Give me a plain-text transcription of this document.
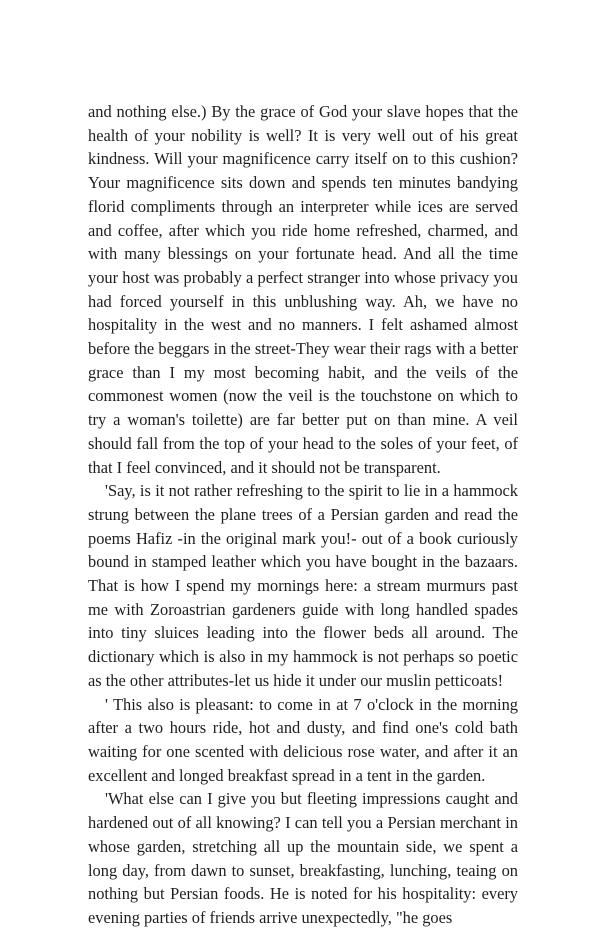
and nothing else.) By the grace of God your slave hopes that the health of your nobility is well? It is very well out of his great kindness. Will your magnificence carry itself on to this cushion? Your magnificence sits down and spends ten minutes bandying florid compliments through an interpreter while ices are served and coffee, after which you ride home refreshed, charmed, and with many blessings on your fortunate head. And all the time your host was probably a perfect stranger into whose privacy you had forced yourself in this unblushing way. Ah, we have no hospitality in the west and no manners. I felt ashamed almost before the beggars in the street-They wear their rags with a better grace than I my most becoming habit, and the veils of the commonest women (now the veil is the touchstone on which to try a woman's toilette) are far better put on than mine. A veil should fall from the top of your head to the soles of your feet, of that I feel convinced, and it should not be transparent.

'Say, is it not rather refreshing to the spirit to lie in a hammock strung between the plane trees of a Persian garden and read the poems Hafiz -in the original mark you!- out of a book curiously bound in stamped leather which you have bought in the bazaars. That is how I spend my mornings here: a stream murmurs past me with Zoroastrian gardeners guide with long handled spades into tiny sluices leading into the flower beds all around. The dictionary which is also in my hammock is not perhaps so poetic as the other attributes-let us hide it under our muslin petticoats!

' This also is pleasant: to come in at 7 o'clock in the morning after a two hours ride, hot and dusty, and find one's cold bath waiting for one scented with delicious rose water, and after it an excellent and longed breakfast spread in a tent in the garden.

'What else can I give you but fleeting impressions caught and hardened out of all knowing? I can tell you a Persian merchant in whose garden, stretching all up the mountain side, we spent a long day, from dawn to sunset, breakfasting, lunching, teaing on nothing but Persian foods. He is noted for his hospitality: every evening parties of friends arrive unexpectedly, "he goes
